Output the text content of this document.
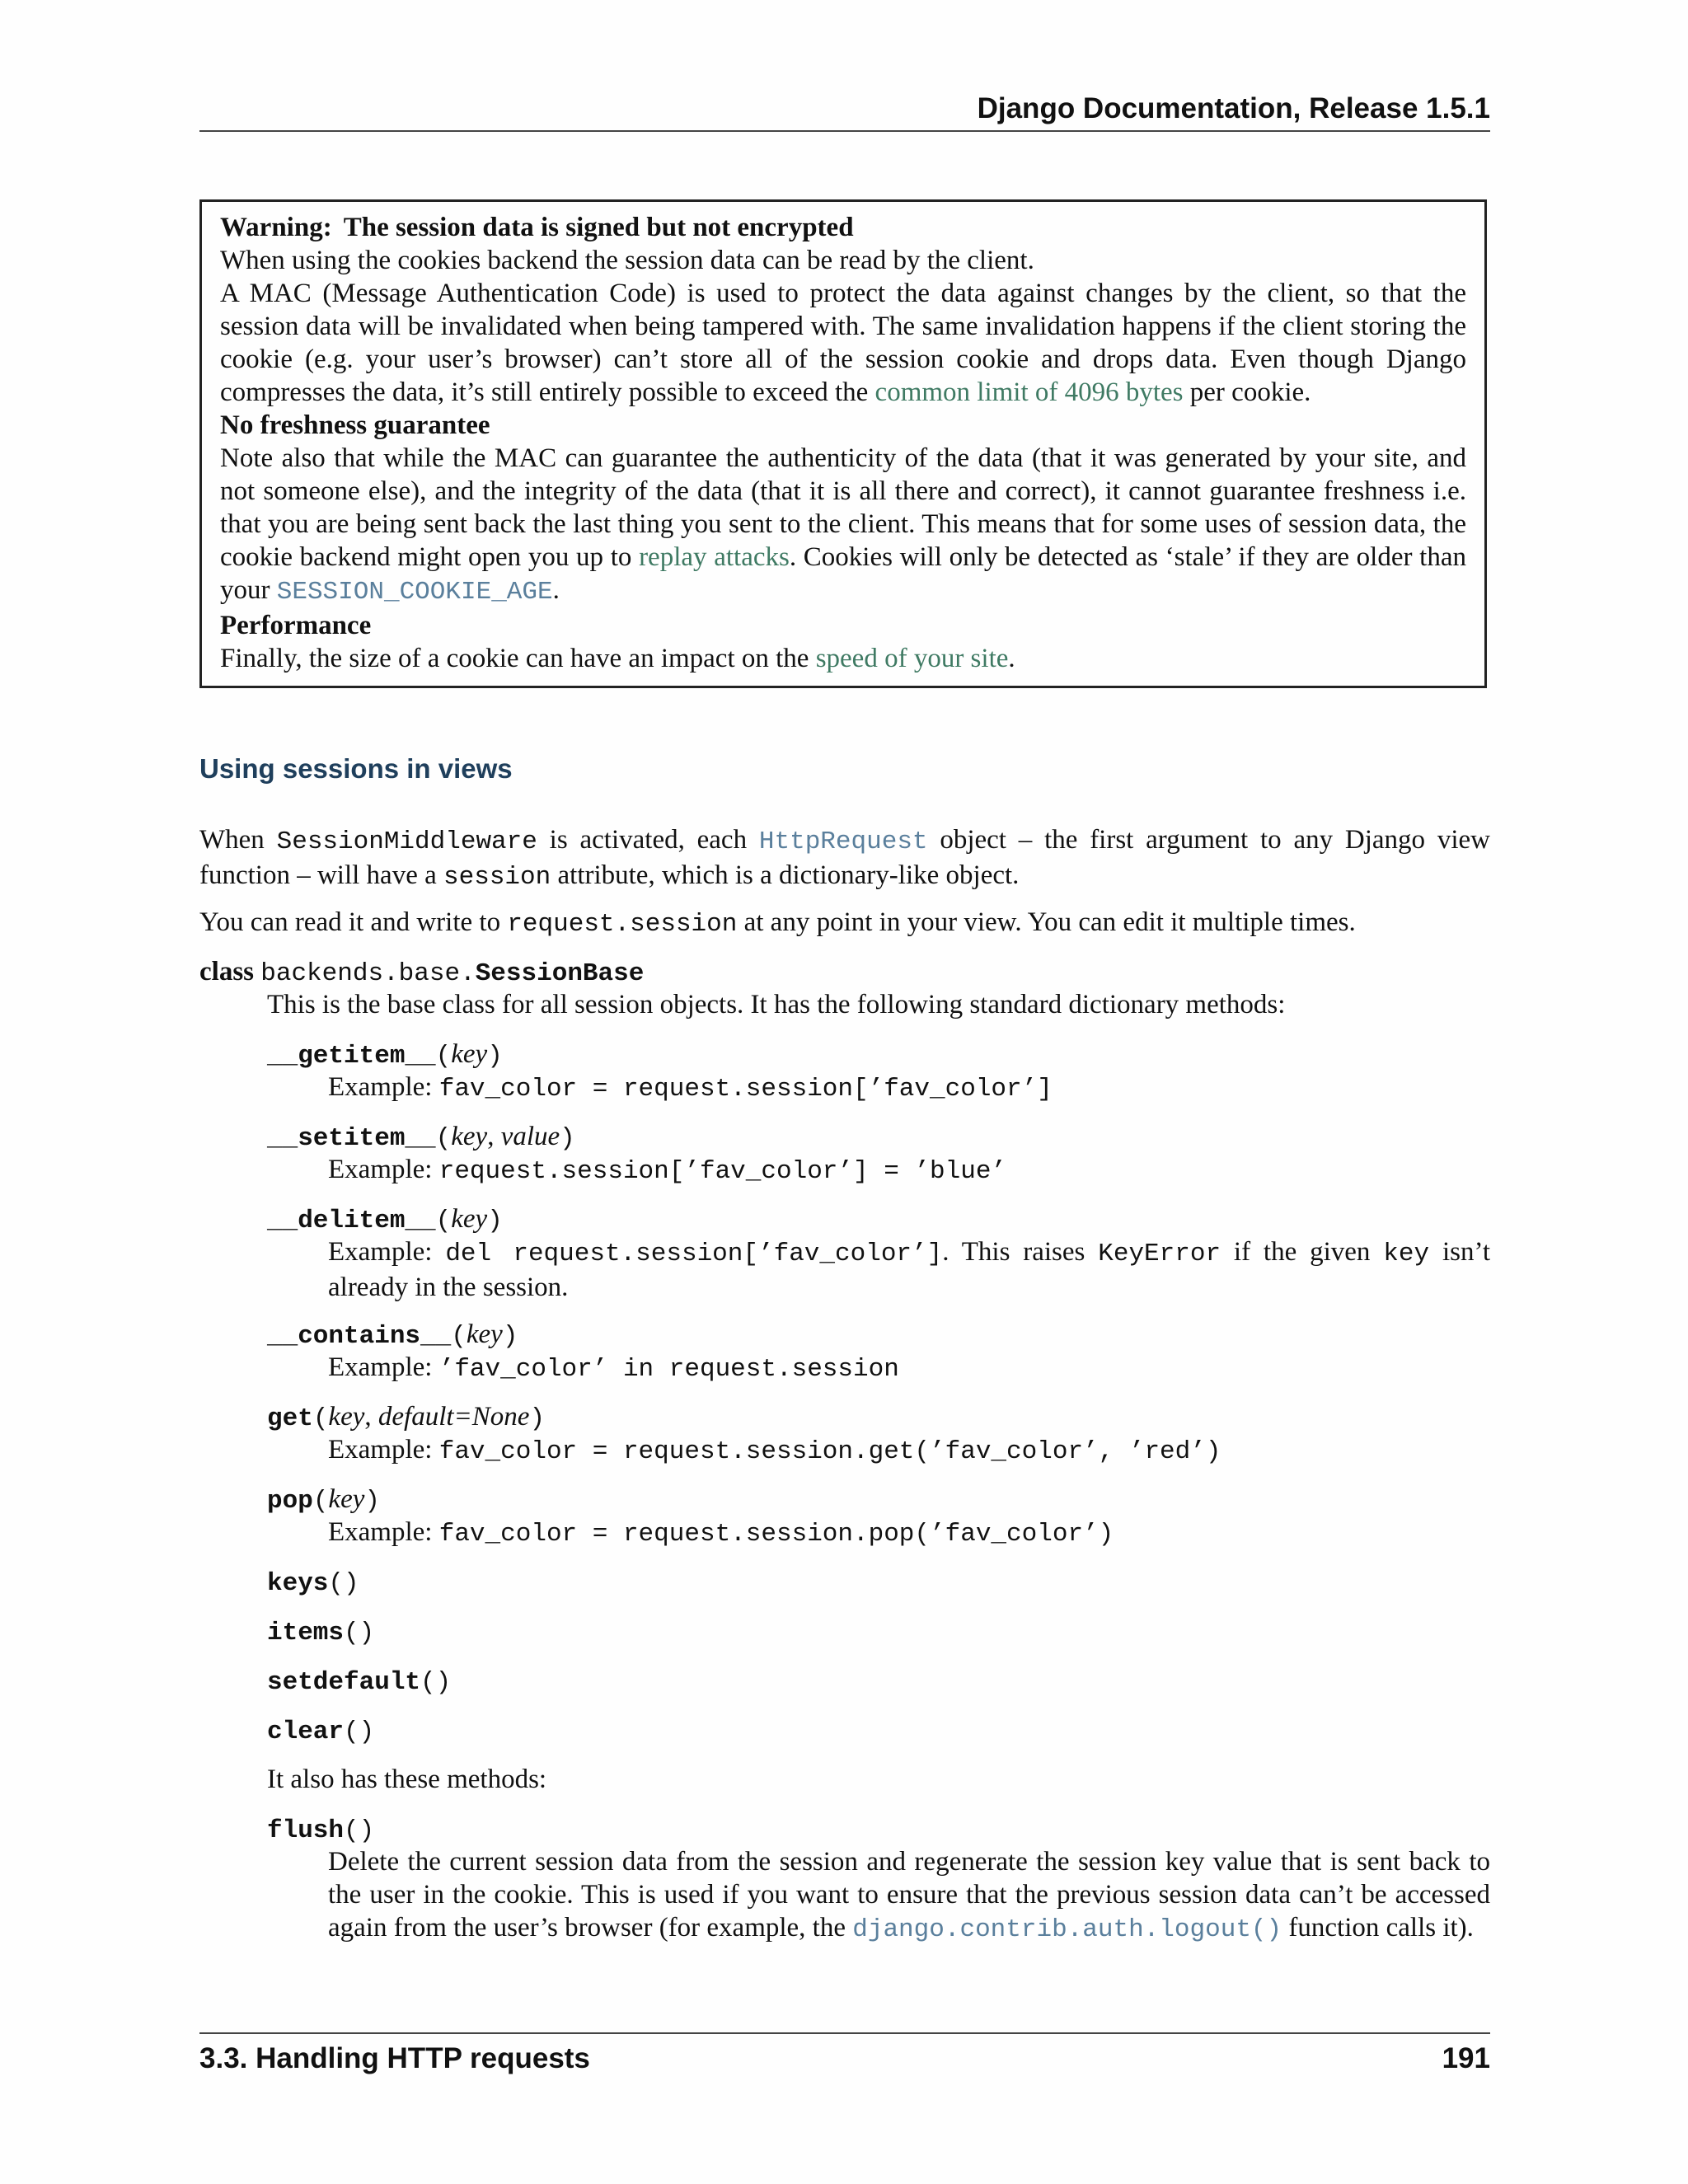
Django Documentation, Release 1.5.1

Warning: The session data is signed but not encrypted

When using the cookies backend the session data can be read by the client.

A MAC (Message Authentication Code) is used to protect the data against changes by the client, so that the session data will be invalidated when being tampered with. The same invalidation happens if the client storing the cookie (e.g. your user’s browser) can’t store all of the session cookie and drops data. Even though Django compresses the data, it’s still entirely possible to exceed the common limit of 4096 bytes per cookie.

No freshness guarantee

Note also that while the MAC can guarantee the authenticity of the data (that it was generated by your site, and not someone else), and the integrity of the data (that it is all there and correct), it cannot guarantee freshness i.e. that you are being sent back the last thing you sent to the client. This means that for some uses of session data, the cookie backend might open you up to replay attacks. Cookies will only be detected as ‘stale’ if they are older than your SESSION_COOKIE_AGE.

Performance

Finally, the size of a cookie can have an impact on the speed of your site.

Using sessions in views

When SessionMiddleware is activated, each HttpRequest object – the first argument to any Django view function – will have a session attribute, which is a dictionary-like object.

You can read it and write to request.session at any point in your view. You can edit it multiple times.

class backends.base.SessionBase

This is the base class for all session objects. It has the following standard dictionary methods:

__getitem__(key)

Example: fav_color = request.session[’fav_color’]

__setitem__(key, value)

Example: request.session[’fav_color’] = ’blue’

__delitem__(key)

Example: del request.session[’fav_color’]. This raises KeyError if the given key isn’t already in the session.

__contains__(key)

Example: ’fav_color’ in request.session

get(key, default=None)

Example: fav_color = request.session.get(’fav_color’, ’red’)

pop(key)

Example: fav_color = request.session.pop(’fav_color’)

keys()
items()
setdefault()
clear()

It also has these methods:

flush()

Delete the current session data from the session and regenerate the session key value that is sent back to the user in the cookie. This is used if you want to ensure that the previous session data can’t be accessed again from the user’s browser (for example, the django.contrib.auth.logout() function calls it).

3.3. Handling HTTP requests	191
